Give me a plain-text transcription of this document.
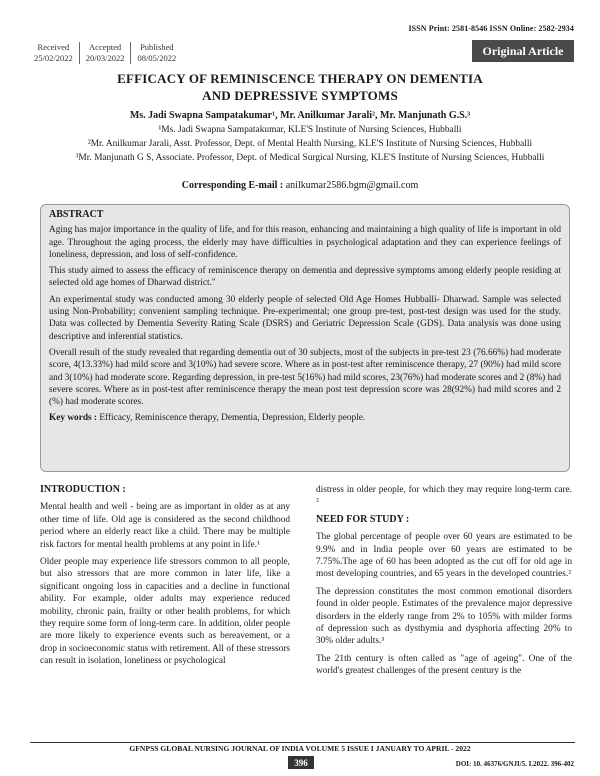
ISSN Print: 2581-8546 ISSN Online: 2582-2934
Received
25/02/2022
Accepted
20/03/2022
Published
08/05/2022
Original Article
EFFICACY OF REMINISCENCE THERAPY ON DEMENTIA
AND DEPRESSIVE SYMPTOMS
Ms. Jadi Swapna Sampatakumar¹, Mr. Anilkumar Jarali², Mr. Manjunath G.S.³
¹Ms. Jadi Swapna Sampatakumar, KLE'S Institute of Nursing Sciences, Hubballi
²Mr. Anilkumar Jarali, Asst. Professor, Dept. of Mental Health Nursing, KLE'S Institute of Nursing Sciences, Hubballi
³Mr. Manjunath G S, Associate. Professor, Dept. of Medical Surgical Nursing, KLE'S Institute of Nursing Sciences, Hubballi
Corresponding E-mail : anilkumar2586.bgm@gmail.com
ABSTRACT

Aging has major importance in the quality of life, and for this reason, enhancing and maintaining a high quality of life is important in old age. Throughout the aging process, the elderly may have difficulties in psychological adaptation and they can experience feelings of loneliness, depression, and loss of self-confidence.

This study aimed to assess the efficacy of reminiscence therapy on dementia and depressive symptoms among elderly people residing at selected old age homes of Dharwad district."

An experimental study was conducted among 30 elderly people of selected Old Age Homes Hubballi- Dharwad. Sample was selected using Non-Probability; convenient sampling technique. Pre-experimental; one group pre-test, post-test design was used for the study. Data was collected by Dementia Severity Rating Scale (DSRS) and Geriatric Depression Scale (GDS). Data analysis was done using descriptive and inferential statistics.

Overall result of the study revealed that regarding dementia out of 30 subjects, most of the subjects in pre-test 23 (76.66%) had moderate score, 4(13.33%) had mild score and 3(10%) had severe score. Where as in post-test after reminiscence therapy, 27 (90%) had mild score and 3(10%) had moderate score. Regarding depression, in pre-test 5(16%) had mild scores, 23(76%) had moderate scores and 2 (8%) had severe scores. Where as in post-test after reminiscence therapy the mean post test depression score was 28(92%) had mild scores and 2 (%) had moderate scores.

Key words : Efficacy, Reminiscence therapy, Dementia, Depression, Elderly people.

INTRODUCTION :

Mental health and well - being are as important in older as at any other time of life. Old age is considered as the second childhood period where an elderly react like a child. There may be multiple risk factors for mental health problems at any point in life.¹

Older people may experience life stressors common to all people, but also stressors that are more common in later life, like a significant ongoing loss in capacities and a decline in functional ability. For example, older adults may experience reduced mobility, chronic pain, frailty or other health problems, for which they require some form of long-term care. In addition, older people are more likely to experience events such as bereavement, or a drop in socioeconomic status with retirement. All of these stressors can result in isolation, loneliness or psychological

distress in older people, for which they may require long-term care. ²

NEED FOR STUDY :

The global percentage of people over 60 years are estimated to be 9.9% and in India people over 60 years are estimated to be 7.75%.The age of 60 has been adopted as the cut off for old age in most developing countries, and 65 years in the developed countries.²

The depression constitutes the most common emotional disorders found in older people. Estimates of the prevalence major depressive disorders in the elderly range from 2% to 105% with milder forms of depression such as dysthymia and dysphoria affecting 20% to 30% older adults.³

The 21th century is often called as "age of ageing". One of the world's greatest challenges of the present century is the

GFNPSS GLOBAL NURSING JOURNAL OF INDIA VOLUME 5 ISSUE I JANUARY TO APRIL - 2022
396	DOI: 10. 46376/GNJI/5. I.2022. 396-402
